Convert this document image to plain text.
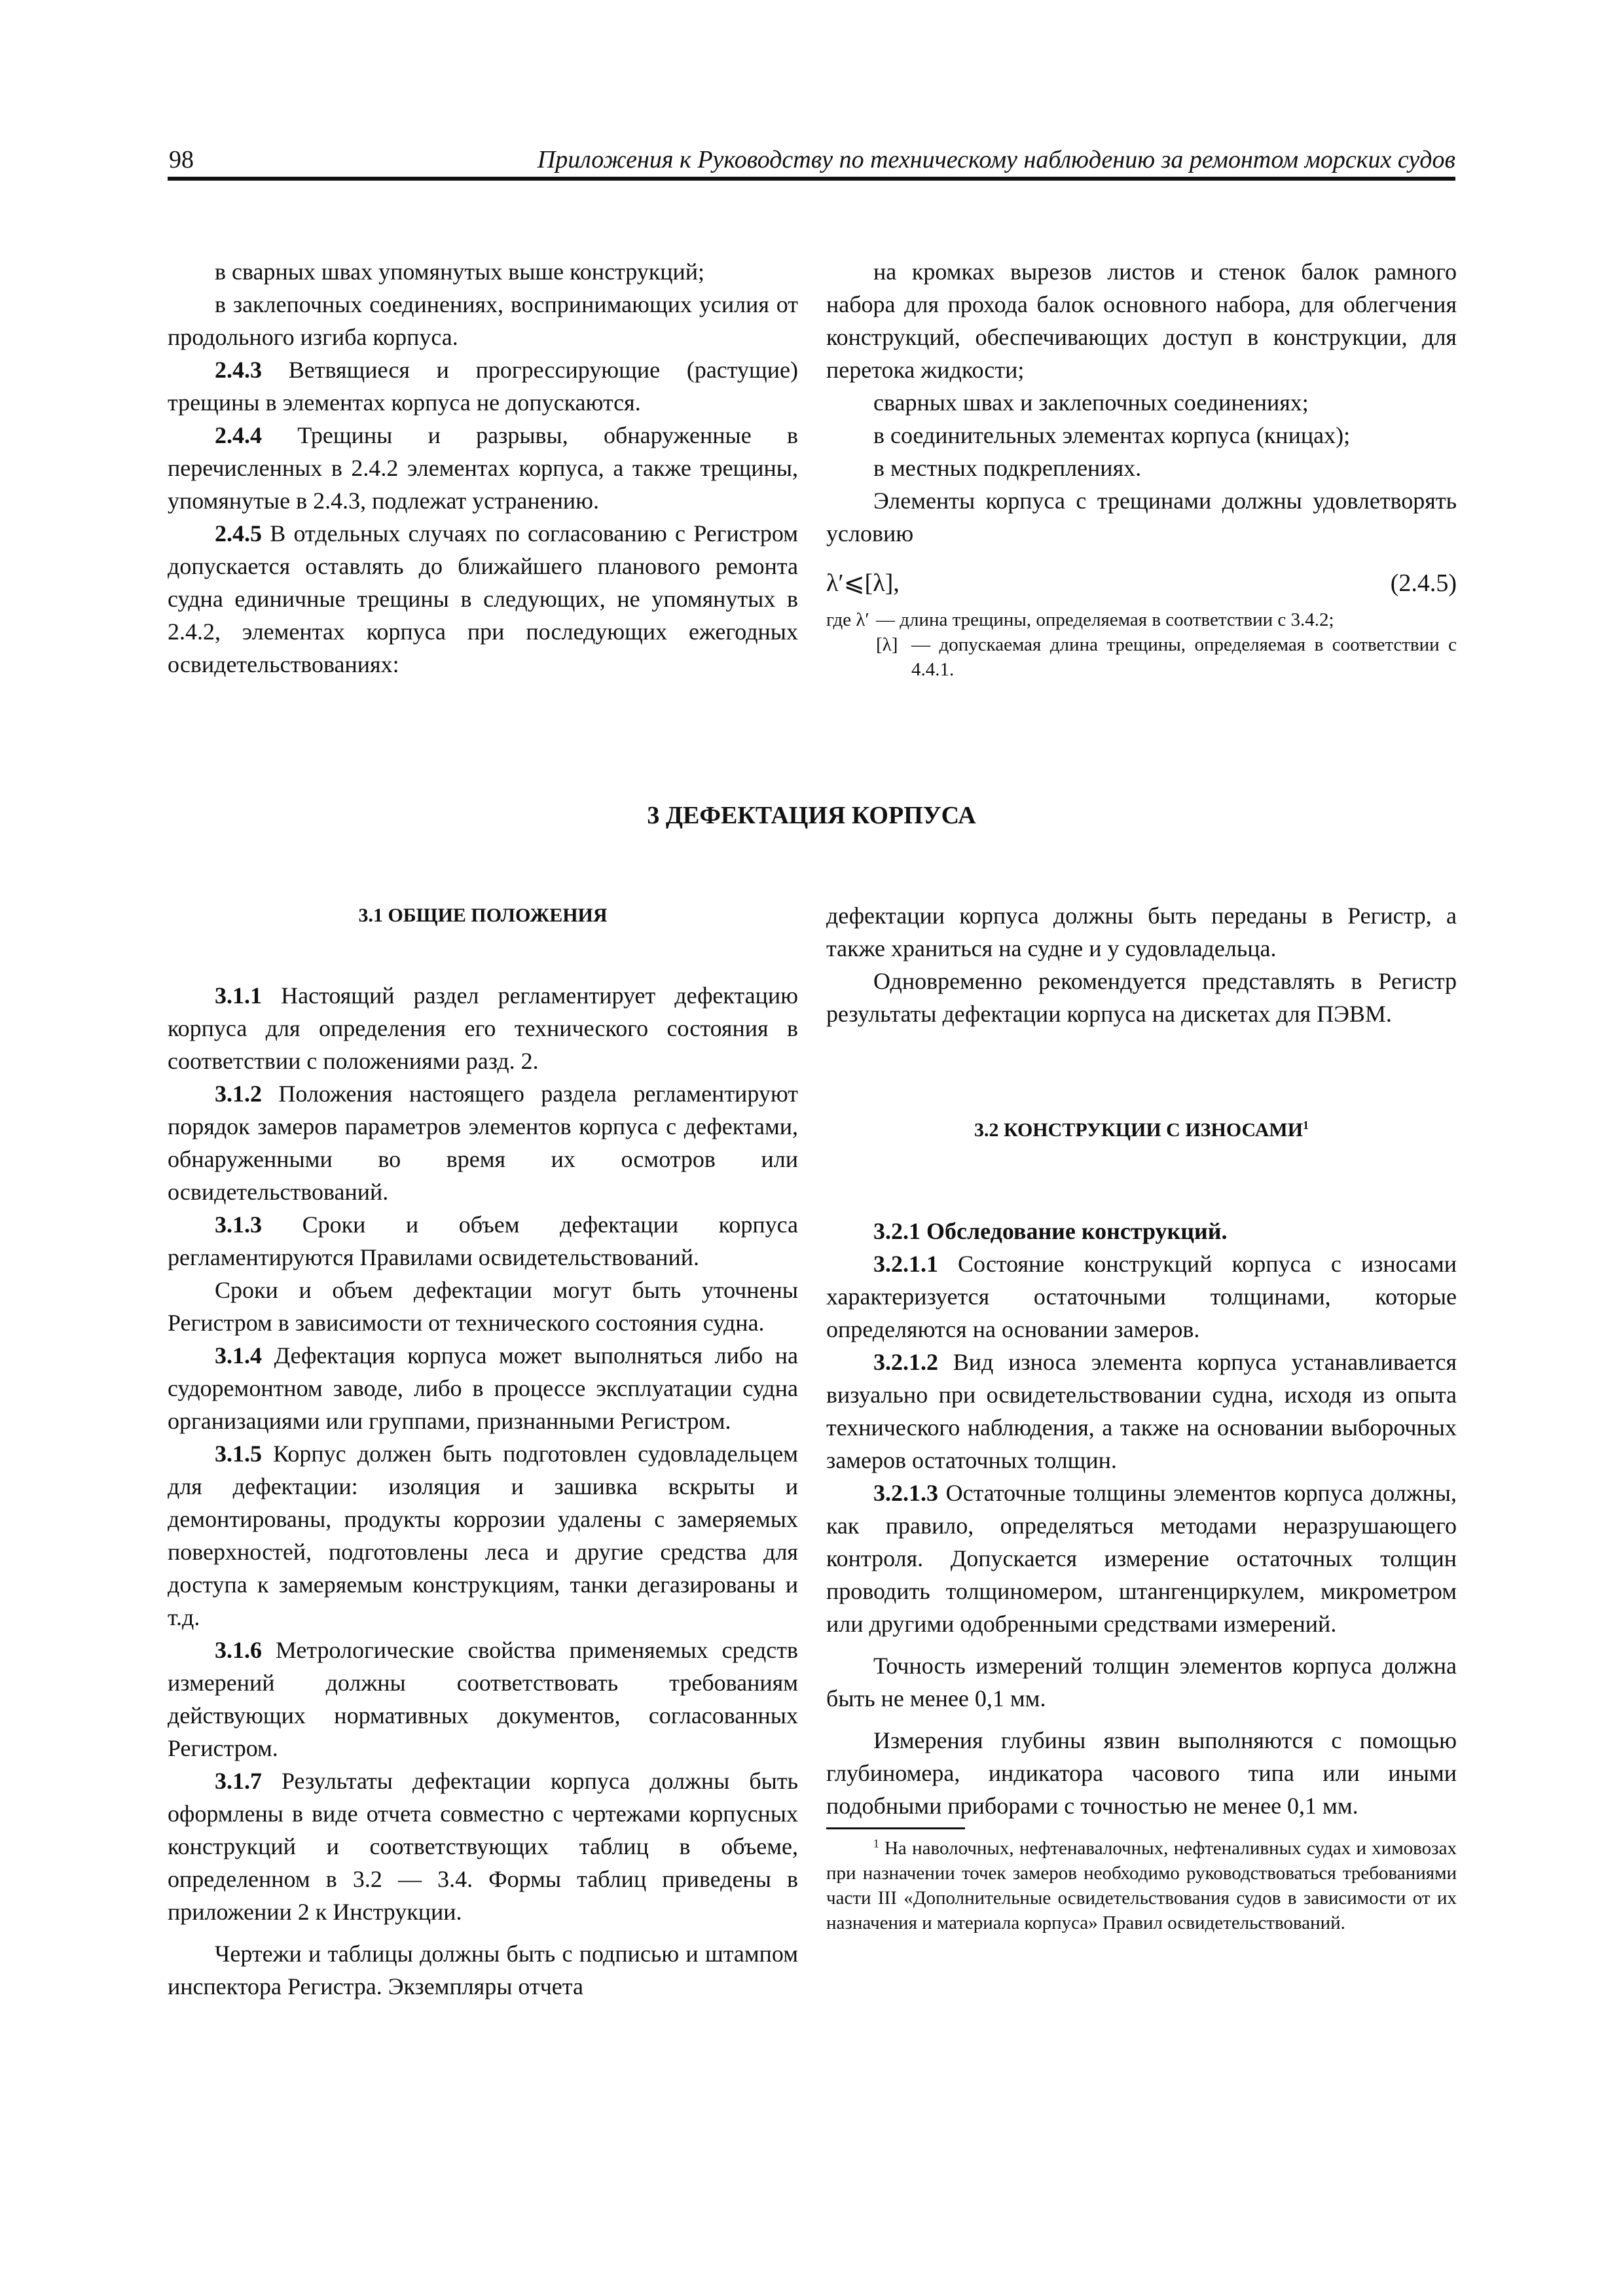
98	Приложения к Руководству по техническому наблюдению за ремонтом морских судов

в сварных швах упомянутых выше конструкций;

в заклепочных соединениях, воспринимающих усилия от продольного изгиба корпуса.

2.4.3 Ветвящиеся и прогрессирующие (растущие) трещины в элементах корпуса не допускаются.

2.4.4 Трещины и разрывы, обнаруженные в перечисленных в 2.4.2 элементах корпуса, а также трещины, упомянутые в 2.4.3, подлежат устранению.

2.4.5 В отдельных случаях по согласованию с Регистром допускается оставлять до ближайшего планового ремонта судна единичные трещины в следующих, не упомянутых в 2.4.2, элементах корпуса при последующих ежегодных освидетельствованиях:

на кромках вырезов листов и стенок балок рамного набора для прохода балок основного набора, для облегчения конструкций, обеспечивающих доступ в конструкции, для перетока жидкости;

сварных швах и заклепочных соединениях;

в соединительных элементах корпуса (кницах);

в местных подкреплениях.

Элементы корпуса с трещинами должны удовлетворять условию

λ′⩽[λ],	(2.4.5)

где λ′ — длина трещины, определяемая в соответствии с 3.4.2;
[λ] — допускаемая длина трещины, определяемая в соответствии с 4.4.1.
3 ДЕФЕКТАЦИЯ КОРПУСА

3.1 ОБЩИЕ ПОЛОЖЕНИЯ

3.1.1 Настоящий раздел регламентирует дефектацию корпуса для определения его технического состояния в соответствии с положениями разд. 2.

3.1.2 Положения настоящего раздела регламентируют порядок замеров параметров элементов корпуса с дефектами, обнаруженными во время их осмотров или освидетельствований.

3.1.3 Сроки и объем дефектации корпуса регламентируются Правилами освидетельствований.

Сроки и объем дефектации могут быть уточнены Регистром в зависимости от технического состояния судна.

3.1.4 Дефектация корпуса может выполняться либо на судоремонтном заводе, либо в процессе эксплуатации судна организациями или группами, признанными Регистром.

3.1.5 Корпус должен быть подготовлен судовладельцем для дефектации: изоляция и зашивка вскрыты и демонтированы, продукты коррозии удалены с замеряемых поверхностей, подготовлены леса и другие средства для доступа к замеряемым конструкциям, танки дегазированы и т.д.

3.1.6 Метрологические свойства применяемых средств измерений должны соответствовать требованиям действующих нормативных документов, согласованных Регистром.

3.1.7 Результаты дефектации корпуса должны быть оформлены в виде отчета совместно с чертежами корпусных конструкций и соответствующих таблиц в объеме, определенном в 3.2 — 3.4. Формы таблиц приведены в приложении 2 к Инструкции.

Чертежи и таблицы должны быть с подписью и штампом инспектора Регистра. Экземпляры отчета

дефектации корпуса должны быть переданы в Регистр, а также храниться на судне и у судовладельца.

Одновременно рекомендуется представлять в Регистр результаты дефектации корпуса на дискетах для ПЭВМ.

3.2 КОНСТРУКЦИИ С ИЗНОСАМИ$^1$

3.2.1 Обследование конструкций.

3.2.1.1 Состояние конструкций корпуса с износами характеризуется остаточными толщинами, которые определяются на основании замеров.

3.2.1.2 Вид износа элемента корпуса устанавливается визуально при освидетельствовании судна, исходя из опыта технического наблюдения, а также на основании выборочных замеров остаточных толщин.

3.2.1.3 Остаточные толщины элементов корпуса должны, как правило, определяться методами неразрушающего контроля. Допускается измерение остаточных толщин проводить толщиномером, штангенциркулем, микрометром или другими одобренными средствами измерений.

Точность измерений толщин элементов корпуса должна быть не менее 0,1 мм.

Измерения глубины язвин выполняются с помощью глубиномера, индикатора часового типа или иными подобными приборами с точностью не менее 0,1 мм.

$^1$ На наволочных, нефтенавалочных, нефтеналивных судах и химовозах при назначении точек замеров необходимо руководствоваться требованиями части III «Дополнительные освидетельствования судов в зависимости от их назначения и материала корпуса» Правил освидетельствований.
